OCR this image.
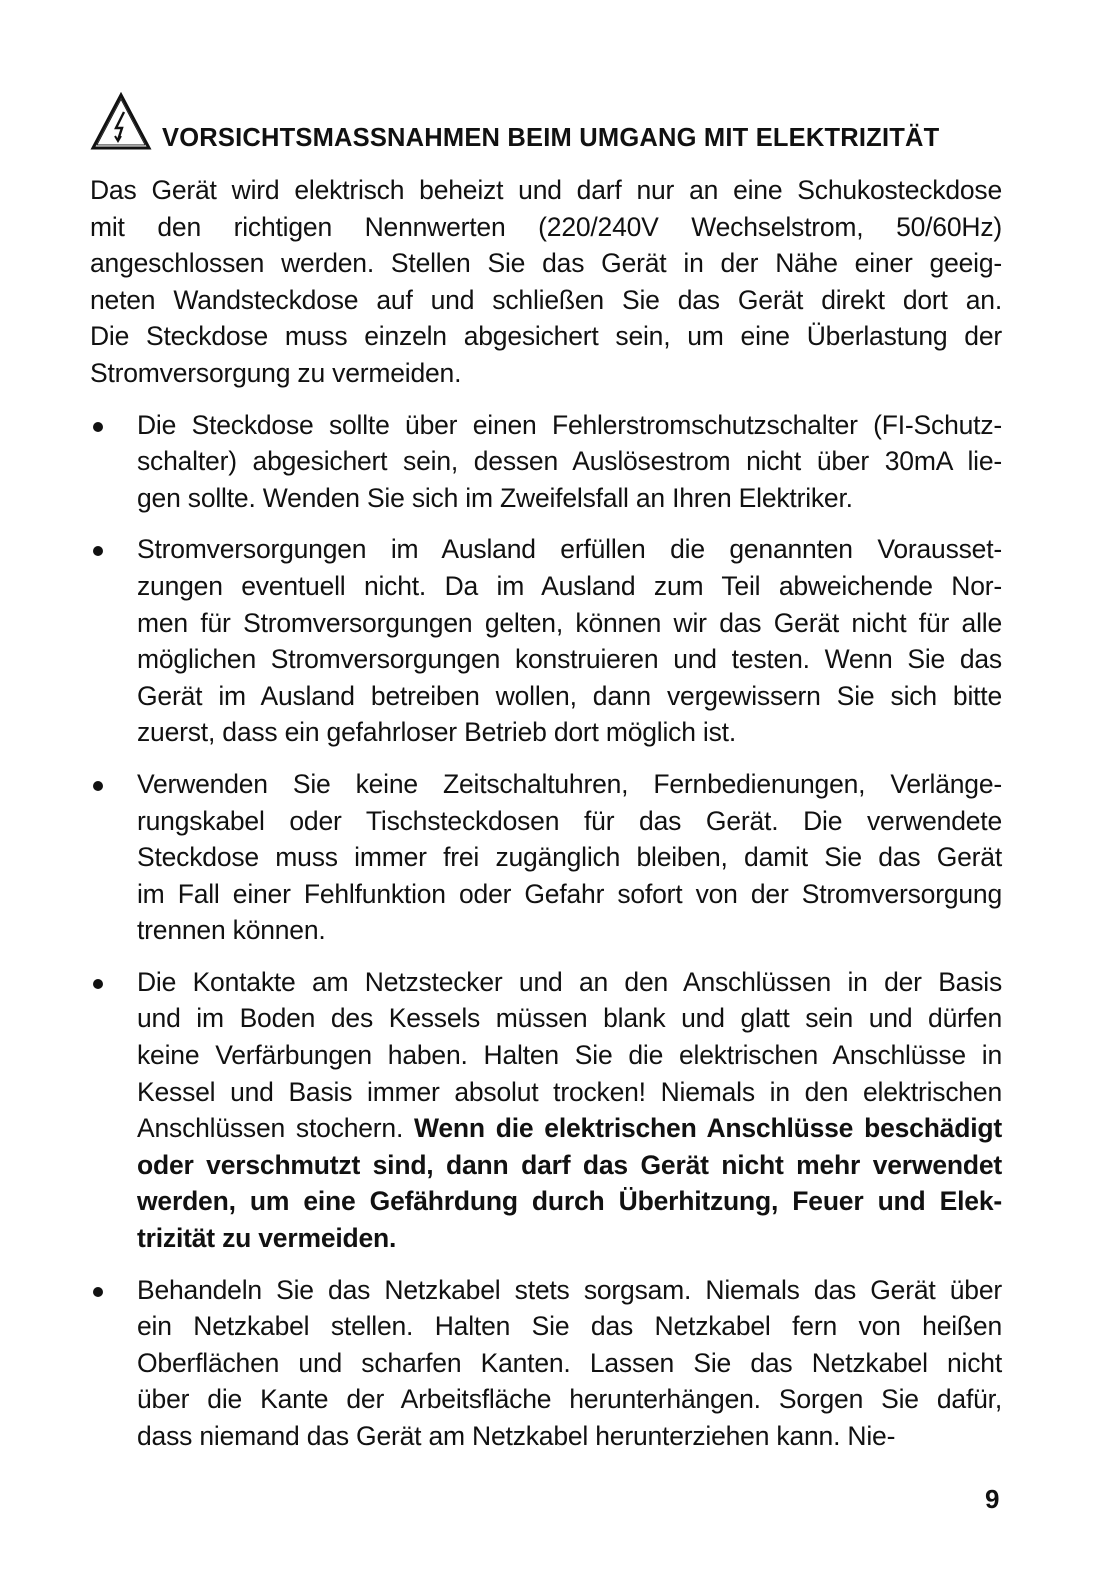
VORSICHTSMASSNAHMEN BEIM UMGANG MIT ELEKTRIZITÄT
Das Gerät wird elektrisch beheizt und darf nur an eine Schukosteckdose
mit den richtigen Nennwerten (220/240V Wechselstrom, 50/60Hz)
angeschlossen werden. Stellen Sie das Gerät in der Nähe einer geeig-
neten Wandsteckdose auf und schließen Sie das Gerät direkt dort an.
Die Steckdose muss einzeln abgesichert sein, um eine Überlastung der
Stromversorgung zu vermeiden.
Die Steckdose sollte über einen Fehlerstromschutzschalter (FI-Schutz-
schalter) abgesichert sein, dessen Auslösestrom nicht über 30mA lie-
gen sollte. Wenden Sie sich im Zweifelsfall an Ihren Elektriker.
Stromversorgungen im Ausland erfüllen die genannten Vorausset-
zungen eventuell nicht. Da im Ausland zum Teil abweichende Nor-
men für Stromversorgungen gelten, können wir das Gerät nicht für alle
möglichen Stromversorgungen konstruieren und testen. Wenn Sie das
Gerät im Ausland betreiben wollen, dann vergewissern Sie sich bitte
zuerst, dass ein gefahrloser Betrieb dort möglich ist.
Verwenden Sie keine Zeitschaltuhren, Fernbedienungen, Verlänge-
rungskabel oder Tischsteckdosen für das Gerät. Die verwendete
Steckdose muss immer frei zugänglich bleiben, damit Sie das Gerät
im Fall einer Fehlfunktion oder Gefahr sofort von der Stromversorgung
trennen können.
Die Kontakte am Netzstecker und an den Anschlüssen in der Basis
und im Boden des Kessels müssen blank und glatt sein und dürfen
keine Verfärbungen haben. Halten Sie die elektrischen Anschlüsse in
Kessel und Basis immer absolut trocken! Niemals in den elektrischen
Anschlüssen stochern. Wenn die elektrischen Anschlüsse beschädigt
oder verschmutzt sind, dann darf das Gerät nicht mehr verwendet
werden, um eine Gefährdung durch Überhitzung, Feuer und Elek-
trizität zu vermeiden.
Behandeln Sie das Netzkabel stets sorgsam. Niemals das Gerät über
ein Netzkabel stellen. Halten Sie das Netzkabel fern von heißen
Oberflächen und scharfen Kanten. Lassen Sie das Netzkabel nicht
über die Kante der Arbeitsfläche herunterhängen. Sorgen Sie dafür,
dass niemand das Gerät am Netzkabel herunterziehen kann. Nie-
9
